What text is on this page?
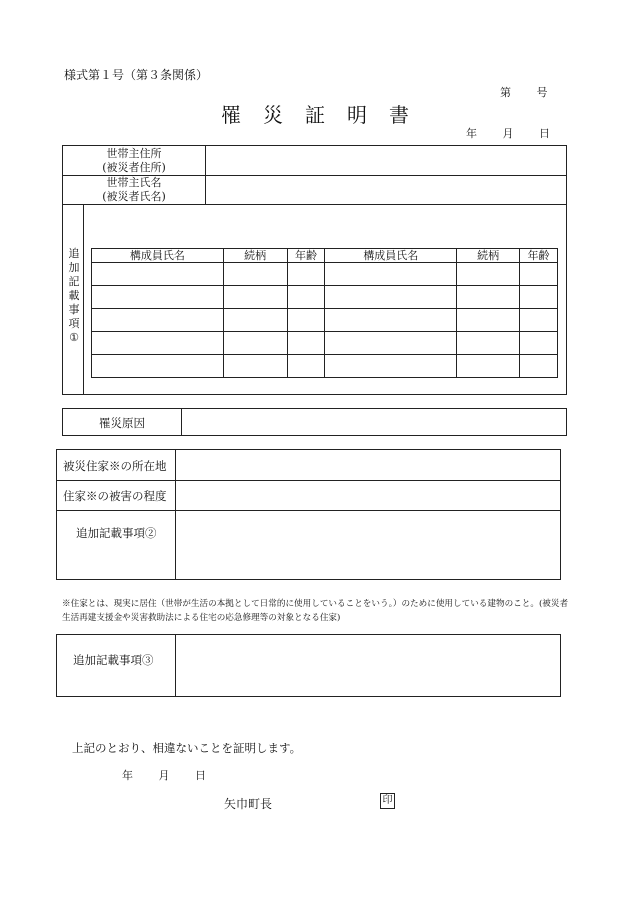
様式第１号（第３条関係）
第 号
罹災証明書
年 月 日
世帯主住所
(被災者住所)
世帯主氏名
(被災者氏名)
追
加
記
載
事
項
①
構成員氏名	続柄	年齢	構成員氏名	続柄	年齢

罹災原因
被災住家※の所在地
住家※の被害の程度
追加記載事項②
※住家とは、現実に居住（世帯が生活の本拠として日常的に使用していることをいう。）のために使用している建物のこと。(被災者生活再建支援金や災害救助法による住宅の応急修理等の対象となる住家)
追加記載事項③
上記のとおり、相違ないことを証明します。
年 月 日
矢巾町長	印
